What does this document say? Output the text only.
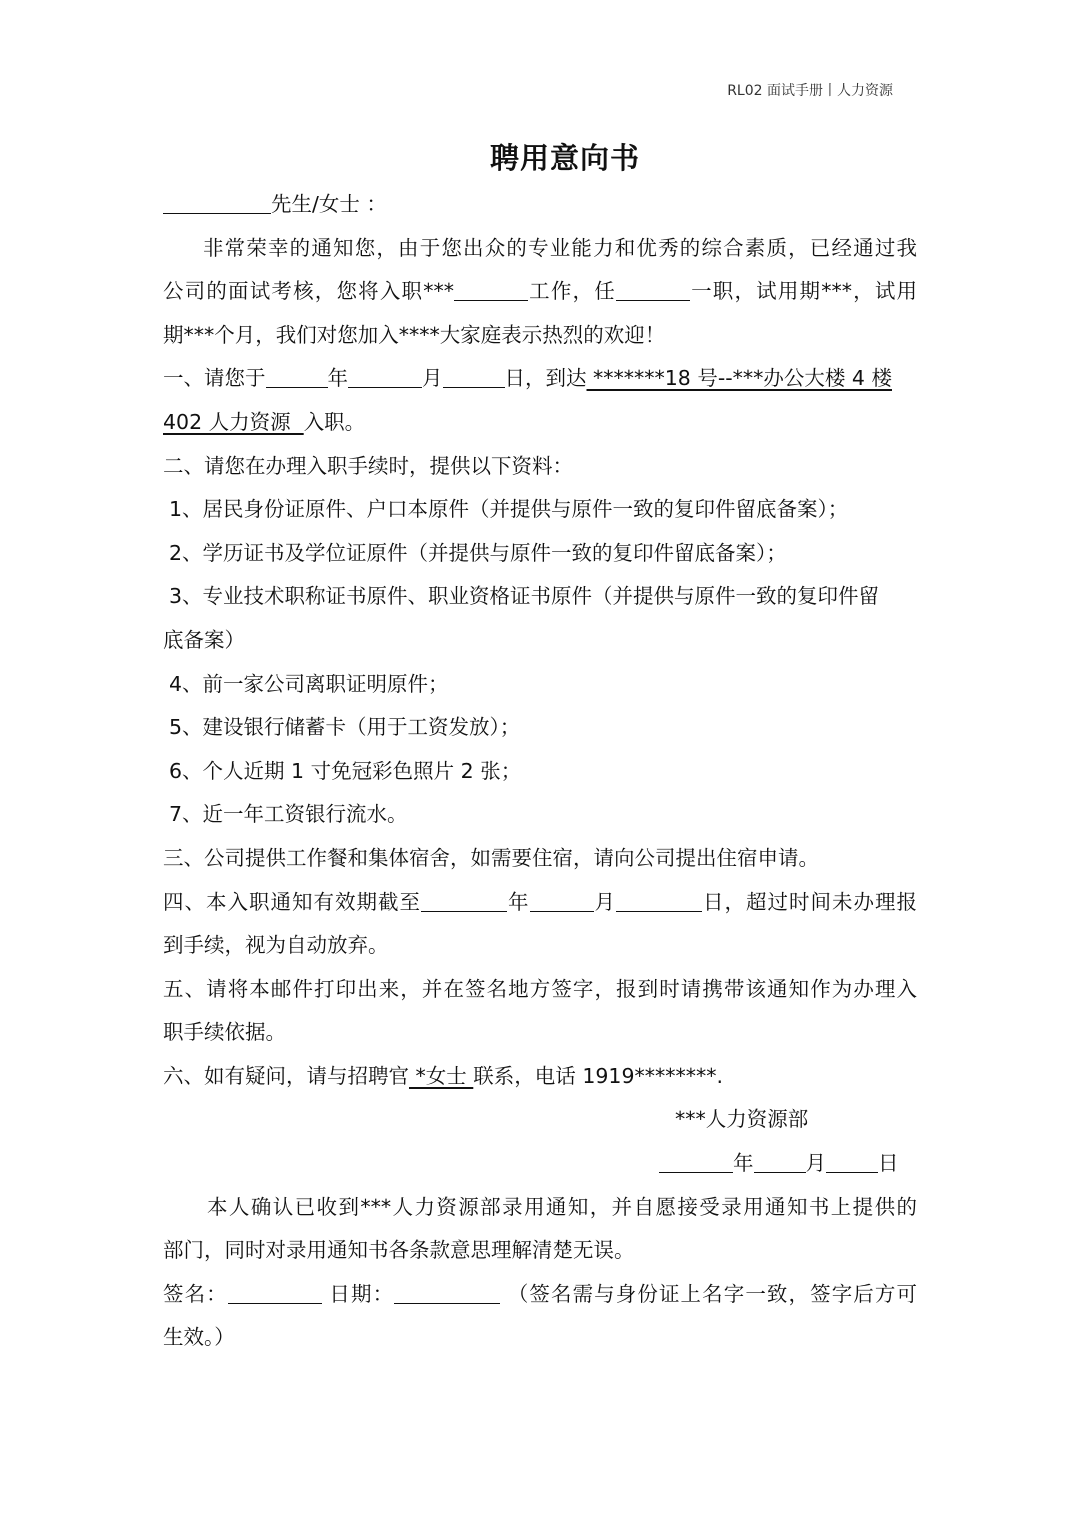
RL02 面试手册丨人力资源
聘用意向书
先生/女士 ：
非常荣幸的通知您，由于您出众的专业能力和优秀的综合素质，已经通过我
公司的面试考核，您将入职***	工作，任	一职，试用期***，试用
期***个月，我们对您加入****大家庭表示热烈的欢迎！
一、请您于	年	月	日，到达 *******18 号--***办公大楼 4 楼
402 人力资源  入职。
二、请您在办理入职手续时，提供以下资料：
1、居民身份证原件、户口本原件（并提供与原件一致的复印件留底备案）；
2、学历证书及学位证原件（并提供与原件一致的复印件留底备案）；
3、专业技术职称证书原件、职业资格证书原件（并提供与原件一致的复印件留
底备案）
4、前一家公司离职证明原件；
5、建设银行储蓄卡（用于工资发放）；
6、个人近期 1 寸免冠彩色照片 2 张；
7、近一年工资银行流水。
三、公司提供工作餐和集体宿舍，如需要住宿，请向公司提出住宿申请。
四、本入职通知有效期截至	年	月	日，超过时间未办理报
到手续，视为自动放弃。
五、请将本邮件打印出来，并在签名地方签字，报到时请携带该通知作为办理入
职手续依据。
六、如有疑问，请与招聘官 *女士 联系，电话 1919********.
***人力资源部
年	月	日
本人确认已收到***人力资源部录用通知，并自愿接受录用通知书上提供的
部门，同时对录用通知书各条款意思理解清楚无误。
签名：	日期：	（签名需与身份证上名字一致，签字后方可
生效。）
